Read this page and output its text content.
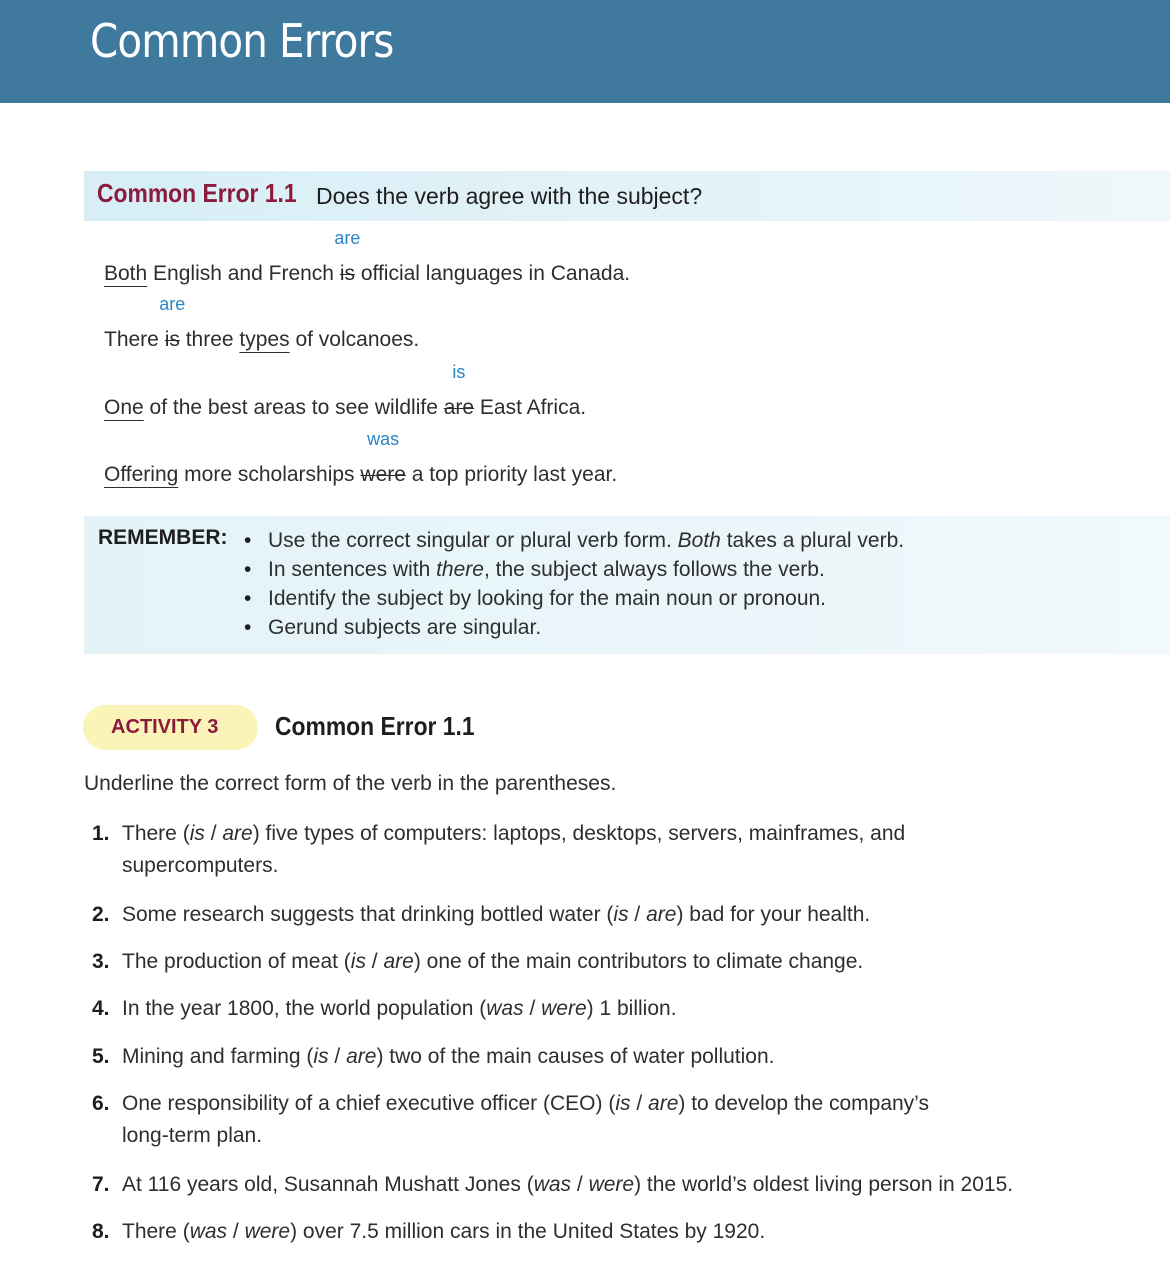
Common Errors
Common Error 1.1 Does the verb agree with the subject?
Both English and French
are
is official languages in Canada.
There
are
is three types of volcanoes.
One of the best areas to see wildlife
is
are East Africa.
Offering more scholarships
was
were a top priority last year.
REMEMBER:
•	Use the correct singular or plural verb form. Both takes a plural verb.
• In sentences with there, the subject always follows the verb.
• Identify the subject by looking for the main noun or pronoun.
• Gerund subjects are singular.
ACTIVITY 3 Common Error 1.1
Underline the correct form of the verb in the parentheses.
1. There (is / are) five types of computers: laptops, desktops, servers, mainframes, and
supercomputers.
2. Some research suggests that drinking bottled water (is / are) bad for your health.
3. The production of meat (is / are) one of the main contributors to climate change.
4. In the year 1800, the world population (was / were) 1 billion.
5. Mining and farming (is / are) two of the main causes of water pollution.
6. One responsibility of a chief executive officer (CEO) (is / are) to develop the company’s
long-term plan.
7. At 116 years old, Susannah Mushatt Jones (was / were) the world’s oldest living person in 2015.
8. There (was / were) over 7.5 million cars in the United States by 1920.
